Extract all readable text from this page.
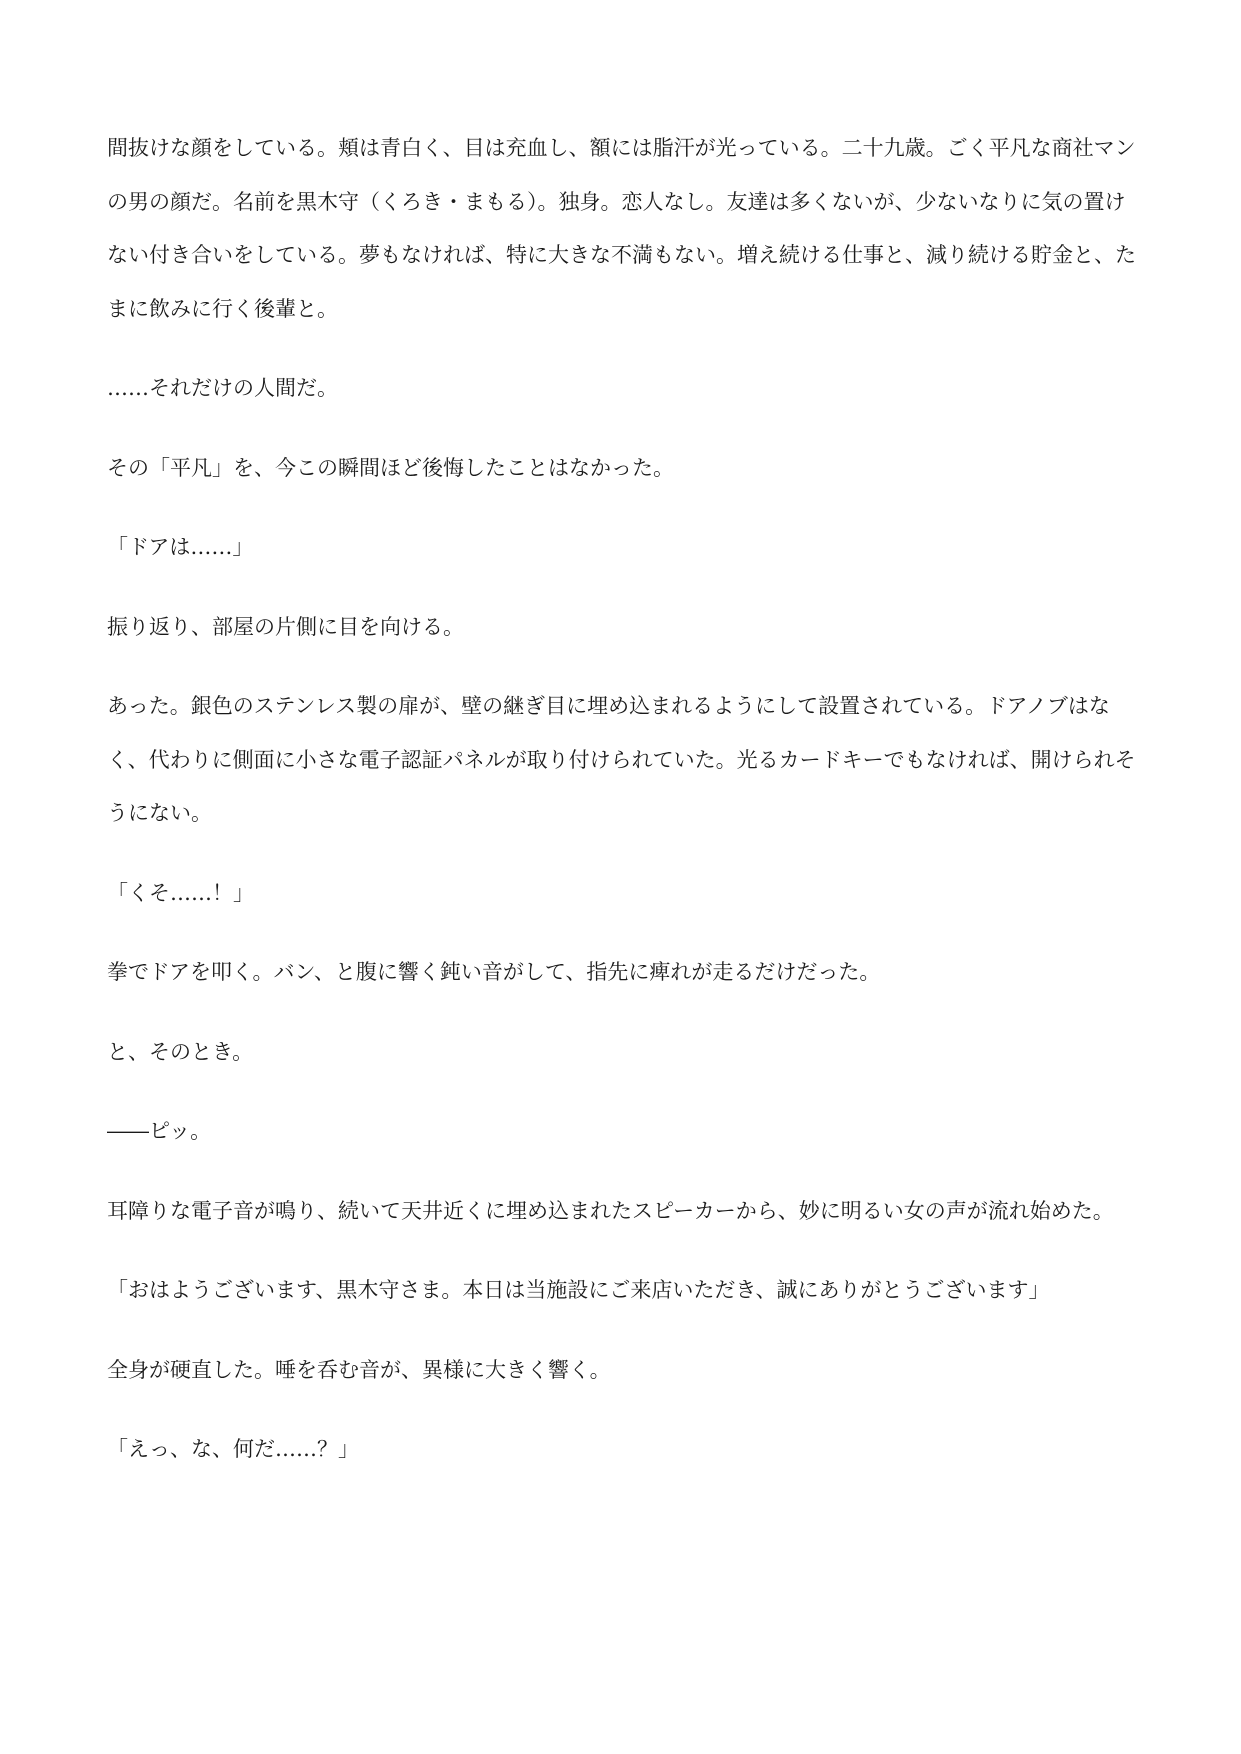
間抜けな顔をしている。頬は青白く、目は充血し、額には脂汗が光っている。二十九歳。ごく平凡な商社マンの男の顔だ。名前を黒木守（くろき・まもる）。独身。恋人なし。友達は多くないが、少ないなりに気の置けない付き合いをしている。夢もなければ、特に大きな不満もない。増え続ける仕事と、減り続ける貯金と、たまに飲みに行く後輩と。

……それだけの人間だ。

その「平凡」を、今この瞬間ほど後悔したことはなかった。

「ドアは……」

振り返り、部屋の片側に目を向ける。

あった。銀色のステンレス製の扉が、壁の継ぎ目に埋め込まれるようにして設置されている。ドアノブはなく、代わりに側面に小さな電子認証パネルが取り付けられていた。光るカードキーでもなければ、開けられそうにない。

「くそ……！」

拳でドアを叩く。バン、と腹に響く鈍い音がして、指先に痺れが走るだけだった。

と、そのとき。

――ピッ。

耳障りな電子音が鳴り、続いて天井近くに埋め込まれたスピーカーから、妙に明るい女の声が流れ始めた。

「おはようございます、黒木守さま。本日は当施設にご来店いただき、誠にありがとうございます」

全身が硬直した。唾を呑む音が、異様に大きく響く。

「えっ、な、何だ……？」
